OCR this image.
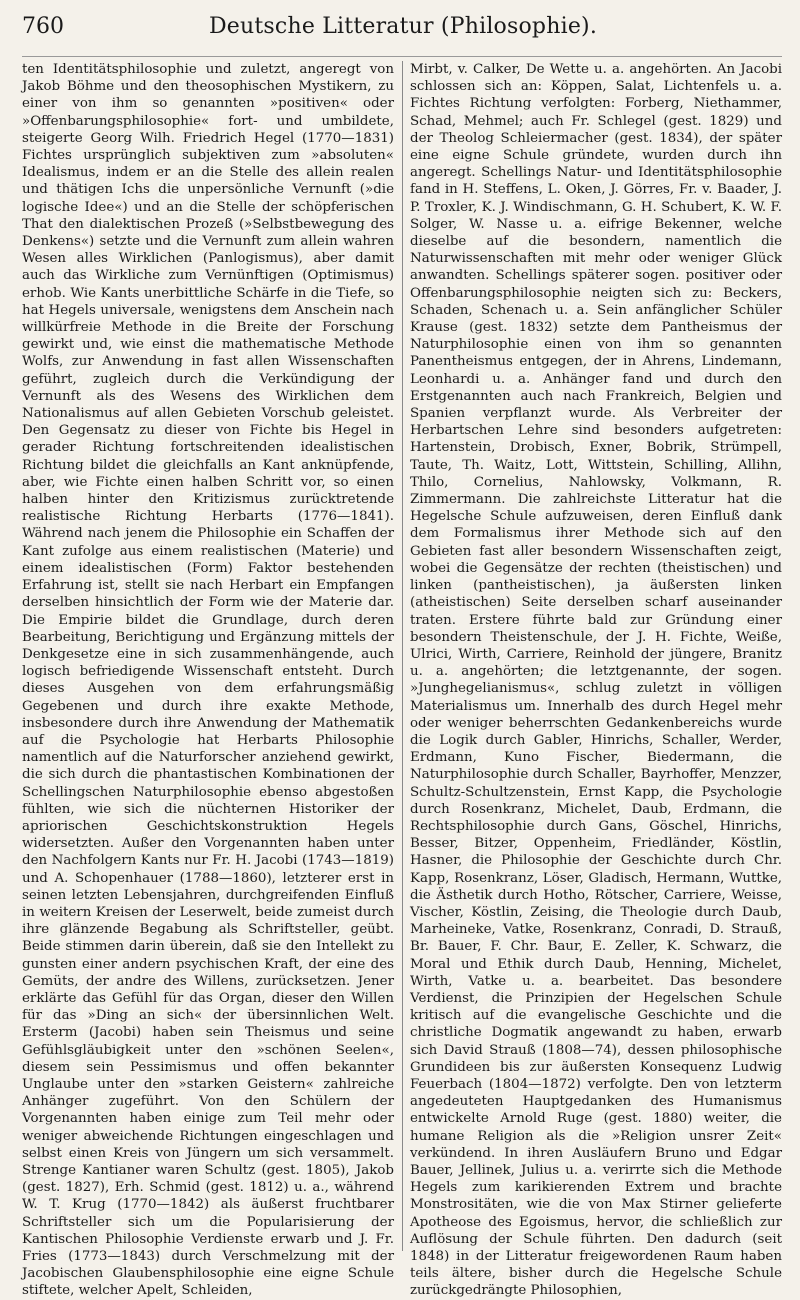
760	Deutsche Litteratur (Philosophie).

ten Identitätsphilosophie und zuletzt, angeregt von Jakob Böhme und den theosophischen Mystikern, zu einer von ihm so genannten »positiven« oder »Offenbarungsphilosophie« fort- und umbildete, steigerte Georg Wilh. Friedrich Hegel (1770—1831) Fichtes ursprünglich subjektiven zum »absoluten« Idealismus, indem er an die Stelle des allein realen und thätigen Ichs die unpersönliche Vernunft (»die logische Idee«) und an die Stelle der schöpferischen That den dialektischen Prozeß (»Selbstbewegung des Denkens«) setzte und die Vernunft zum allein wahren Wesen alles Wirklichen (Panlogismus), aber damit auch das Wirkliche zum Vernünftigen (Optimismus) erhob. Wie Kants unerbittliche Schärfe in die Tiefe, so hat Hegels universale, wenigstens dem Anschein nach willkürfreie Methode in die Breite der Forschung gewirkt und, wie einst die mathematische Methode Wolfs, zur Anwendung in fast allen Wissenschaften geführt, zugleich durch die Verkündigung der Vernunft als des Wesens des Wirklichen dem Nationalismus auf allen Gebieten Vorschub geleistet. Den Gegensatz zu dieser von Fichte bis Hegel in gerader Richtung fortschreitenden idealistischen Richtung bildet die gleichfalls an Kant anknüpfende, aber, wie Fichte einen halben Schritt vor, so einen halben hinter den Kritizismus zurücktretende realistische Richtung Herbarts (1776—1841). Während nach jenem die Philosophie ein Schaffen der Kant zufolge aus einem realistischen (Materie) und einem idealistischen (Form) Faktor bestehenden Erfahrung ist, stellt sie nach Herbart ein Empfangen derselben hinsichtlich der Form wie der Materie dar. Die Empirie bildet die Grundlage, durch deren Bearbeitung, Berichtigung und Ergänzung mittels der Denkgesetze eine in sich zusammenhängende, auch logisch befriedigende Wissenschaft entsteht. Durch dieses Ausgehen von dem erfahrungsmäßig Gegebenen und durch ihre exakte Methode, insbesondere durch ihre Anwendung der Mathematik auf die Psychologie hat Herbarts Philosophie namentlich auf die Naturforscher anziehend gewirkt, die sich durch die phantastischen Kombinationen der Schellingschen Naturphilosophie ebenso abgestoßen fühlten, wie sich die nüchternen Historiker der apriorischen Geschichtskonstruktion Hegels widersetzten. Außer den Vorgenannten haben unter den Nachfolgern Kants nur Fr. H. Jacobi (1743—1819) und A. Schopenhauer (1788—1860), letzterer erst in seinen letzten Lebensjahren, durchgreifenden Einfluß in weitern Kreisen der Leserwelt, beide zumeist durch ihre glänzende Begabung als Schriftsteller, geübt. Beide stimmen darin überein, daß sie den Intellekt zu gunsten einer andern psychischen Kraft, der eine des Gemüts, der andre des Willens, zurücksetzen. Jener erklärte das Gefühl für das Organ, dieser den Willen für das »Ding an sich« der übersinnlichen Welt. Ersterm (Jacobi) haben sein Theismus und seine Gefühlsgläubigkeit unter den »schönen Seelen«, diesem sein Pessimismus und offen bekannter Unglaube unter den »starken Geistern« zahlreiche Anhänger zugeführt. Von den Schülern der Vorgenannten haben einige zum Teil mehr oder weniger abweichende Richtungen eingeschlagen und selbst einen Kreis von Jüngern um sich versammelt. Strenge Kantianer waren Schultz (gest. 1805), Jakob (gest. 1827), Erh. Schmid (gest. 1812) u. a., während W. T. Krug (1770—1842) als äußerst fruchtbarer Schriftsteller sich um die Popularisierung der Kantischen Philosophie Verdienste erwarb und J. Fr. Fries (1773—1843) durch Verschmelzung mit der Jacobischen Glaubensphilosophie eine eigne Schule stiftete, welcher Apelt, Schleiden,

Mirbt, v. Calker, De Wette u. a. angehörten. An Jacobi schlossen sich an: Köppen, Salat, Lichtenfels u. a. Fichtes Richtung verfolgten: Forberg, Niethammer, Schad, Mehmel; auch Fr. Schlegel (gest. 1829) und der Theolog Schleiermacher (gest. 1834), der später eine eigne Schule gründete, wurden durch ihn angeregt. Schellings Natur- und Identitätsphilosophie fand in H. Steffens, L. Oken, J. Görres, Fr. v. Baader, J. P. Troxler, K. J. Windischmann, G. H. Schubert, K. W. F. Solger, W. Nasse u. a. eifrige Bekenner, welche dieselbe auf die besondern, namentlich die Naturwissenschaften mit mehr oder weniger Glück anwandten. Schellings späterer sogen. positiver oder Offenbarungsphilosophie neigten sich zu: Beckers, Schaden, Schenach u. a. Sein anfänglicher Schüler Krause (gest. 1832) setzte dem Pantheismus der Naturphilosophie einen von ihm so genannten Panentheismus entgegen, der in Ahrens, Lindemann, Leonhardi u. a. Anhänger fand und durch den Erstgenannten auch nach Frankreich, Belgien und Spanien verpflanzt wurde. Als Verbreiter der Herbartschen Lehre sind besonders aufgetreten: Hartenstein, Drobisch, Exner, Bobrik, Strümpell, Taute, Th. Waitz, Lott, Wittstein, Schilling, Allihn, Thilo, Cornelius, Nahlowsky, Volkmann, R. Zimmermann. Die zahlreichste Litteratur hat die Hegelsche Schule aufzuweisen, deren Einfluß dank dem Formalismus ihrer Methode sich auf den Gebieten fast aller besondern Wissenschaften zeigt, wobei die Gegensätze der rechten (theistischen) und linken (pantheistischen), ja äußersten linken (atheistischen) Seite derselben scharf auseinander traten. Erstere führte bald zur Gründung einer besondern Theistenschule, der J. H. Fichte, Weiße, Ulrici, Wirth, Carriere, Reinhold der jüngere, Branitz u. a. angehörten; die letztgenannte, der sogen. »Junghegelianismus«, schlug zuletzt in völligen Materialismus um. Innerhalb des durch Hegel mehr oder weniger beherrschten Gedankenbereichs wurde die Logik durch Gabler, Hinrichs, Schaller, Werder, Erdmann, Kuno Fischer, Biedermann, die Naturphilosophie durch Schaller, Bayrhoffer, Menzzer, Schultz-Schultzenstein, Ernst Kapp, die Psychologie durch Rosenkranz, Michelet, Daub, Erdmann, die Rechtsphilosophie durch Gans, Göschel, Hinrichs, Besser, Bitzer, Oppenheim, Friedländer, Köstlin, Hasner, die Philosophie der Geschichte durch Chr. Kapp, Rosenkranz, Löser, Gladisch, Hermann, Wuttke, die Ästhetik durch Hotho, Rötscher, Carriere, Weisse, Vischer, Köstlin, Zeising, die Theologie durch Daub, Marheineke, Vatke, Rosenkranz, Conradi, D. Strauß, Br. Bauer, F. Chr. Baur, E. Zeller, K. Schwarz, die Moral und Ethik durch Daub, Henning, Michelet, Wirth, Vatke u. a. bearbeitet. Das besondere Verdienst, die Prinzipien der Hegelschen Schule kritisch auf die evangelische Geschichte und die christliche Dogmatik angewandt zu haben, erwarb sich David Strauß (1808—74), dessen philosophische Grundideen bis zur äußersten Konsequenz Ludwig Feuerbach (1804—1872) verfolgte. Den von letzterm angedeuteten Hauptgedanken des Humanismus entwickelte Arnold Ruge (gest. 1880) weiter, die humane Religion als die »Religion unsrer Zeit« verkündend. In ihren Ausläufern Bruno und Edgar Bauer, Jellinek, Julius u. a. verirrte sich die Methode Hegels zum karikierenden Extrem und brachte Monstrositäten, wie die von Max Stirner gelieferte Apotheose des Egoismus, hervor, die schließlich zur Auflösung der Schule führten. Den dadurch (seit 1848) in der Litteratur freigewordenen Raum haben teils ältere, bisher durch die Hegelsche Schule zurückgedrängte Philosophien,
